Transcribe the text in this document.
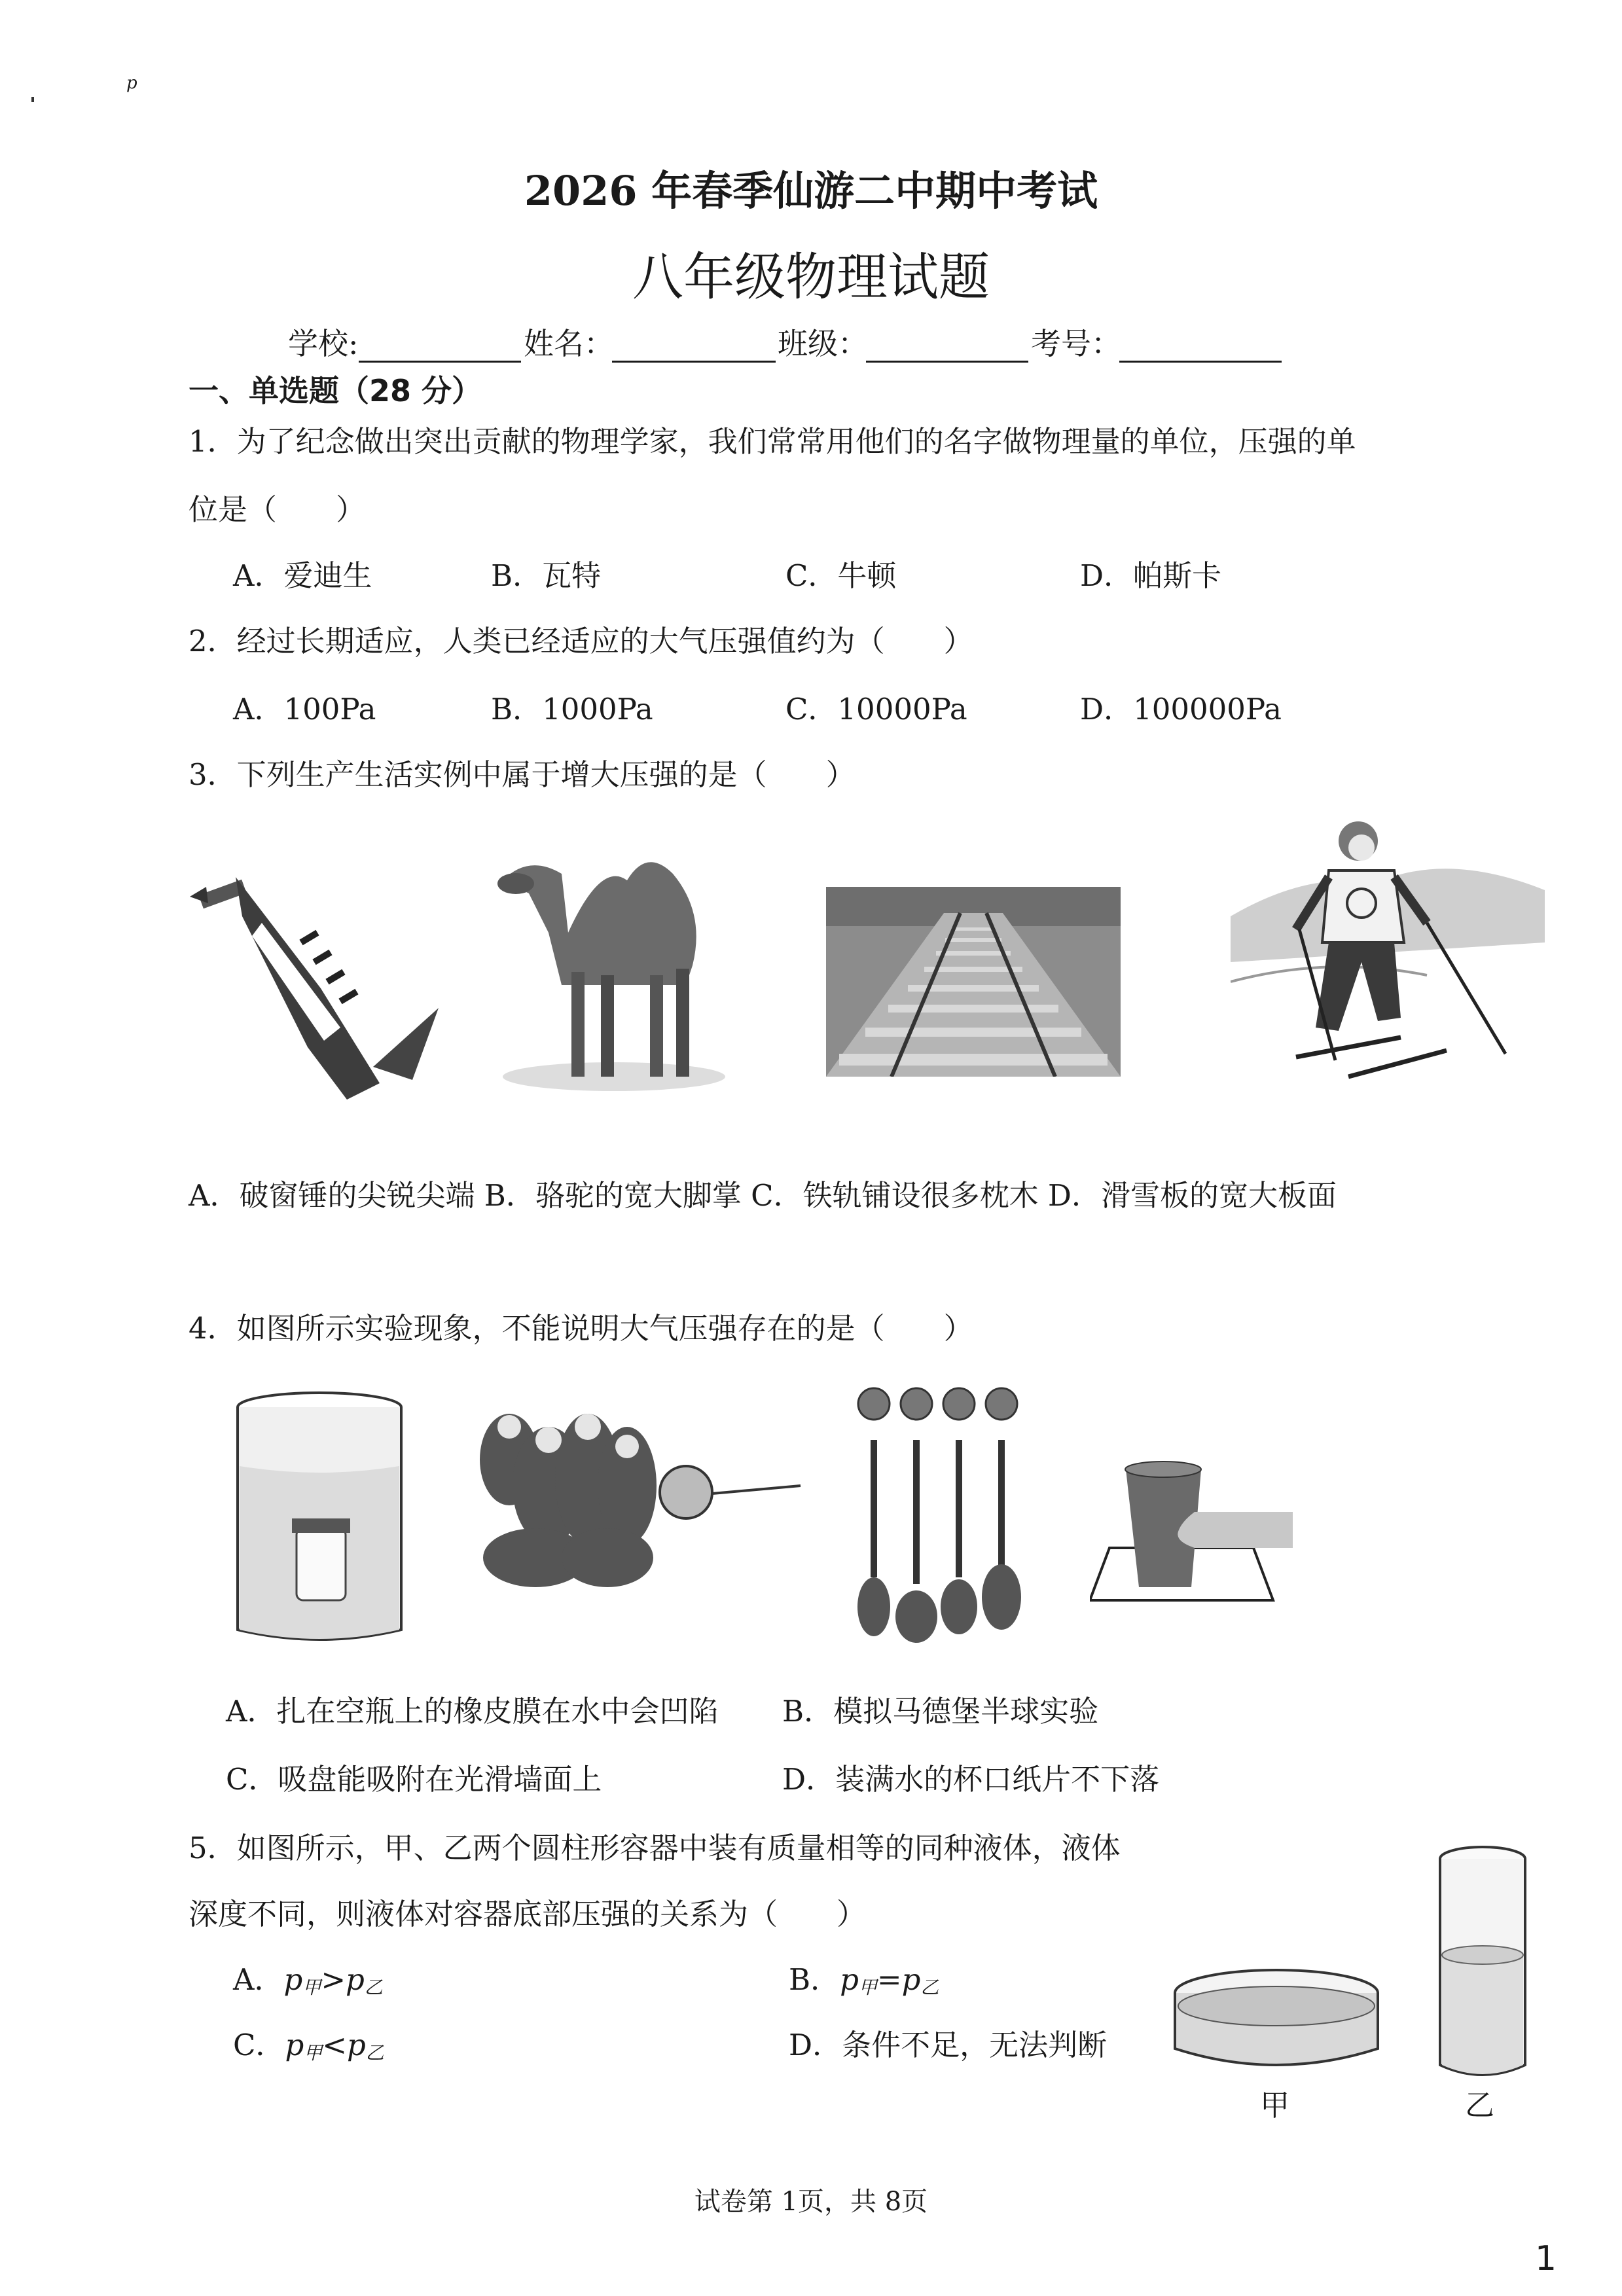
p
2026 年春季仙游二中期中考试
八年级物理试题
学校:	姓名：	班级：	考号：
一、单选题（28 分）
1．为了纪念做出突出贡献的物理学家，我们常常用他们的名字做物理量的单位，压强的单
位是（　　）
A．爱迪生	B．瓦特	C．牛顿	D．帕斯卡
2．经过长期适应，人类已经适应的大气压强值约为（　　）
A．100Pa	B．1000Pa	C．10000Pa	D．100000Pa
3．下列生产生活实例中属于增大压强的是（　　）
A．破窗锤的尖锐尖端 B．骆驼的宽大脚掌 C．铁轨铺设很多枕木 D．滑雪板的宽大板面
4．如图所示实验现象，不能说明大气压强存在的是（　　）
A．扎在空瓶上的橡皮膜在水中会凹陷 B．模拟马德堡半球实验
C．吸盘能吸附在光滑墙面上	D．装满水的杯口纸片不下落
5．如图所示，甲、乙两个圆柱形容器中装有质量相等的同种液体，液体
深度不同，则液体对容器底部压强的关系为（　　）
A．$p_甲>p_乙$	B．$p_甲=p_乙$
C．$p_甲<p_乙$	D．条件不足，无法判断
甲	乙
试卷第 1页，共 8页
1
